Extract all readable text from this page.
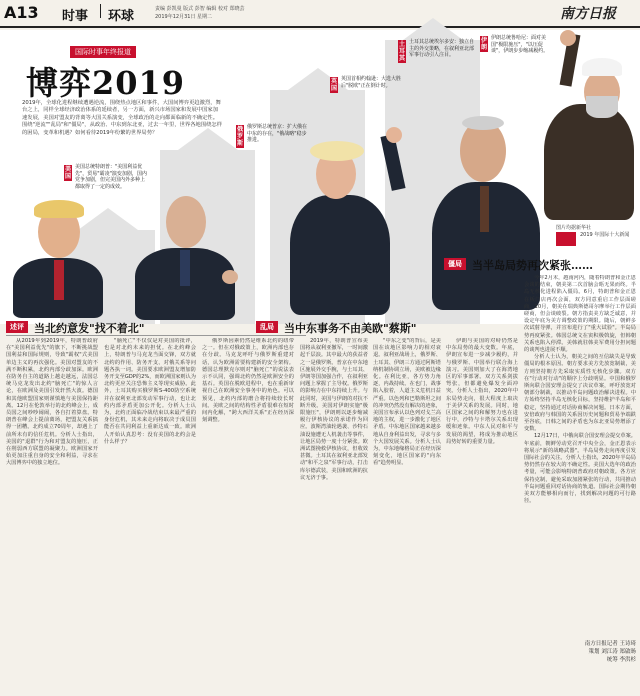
A13 时事 环球	责编 彭凯曼 版式 彭智 编辑 校对 郑晓芸
2019年12月31日 星期二	南方日报
国际时事年终报道
博弈2019
2019年，全球化进程继续遭遇逆流，围绕热点地区和事件，大国间博弈更趋激烈，舞台之上，同样全球经济政治体系的延续者，另一方面，新兴市场国家和发展中国家加速发展，美国对盟友的背离等大国关系演变，全球政治的走向都面临新的不确定性。围绕"逆流""乱局"和"僵局"，从政治、中东到东北亚，过去一年里，世界各地围绕怎样的困局，变革和机遇？如何看待2019年纷繁的世界局势？
美国
美国总统特朗普："美国利益优先"，贸易"霸凌"演变加剧，国内党争加剧，但完美国内外多种上都取得了一定的成效。
俄罗斯
俄罗斯总统普京：扩大俄在中东的存在，"俄战略"稳步推进。
英国
英国首相约翰逊：大选大胜后"脱欧"正在倒计时。
土耳其
土耳其总统埃尔多安：独立自主的外交策略，在叙利亚北部军事行动引人注目。
伊朗
伊朗总统鲁哈尼：面对美国"极限施压"，"以压促谈"，伊朗步步缩减履约。
图片均据新华社
2019 年国际十大新闻
僵局 当半岛局势再次紧张……
述评 当北约意发"找不着北"

从2019年到2019年，特朗普政府在"美国利益优先"的旗下，不断挑战盟国利益和国际规则，导致"霸权"式美国单边主义的再次强化。美国对盟友的不满不断积累，北约内部分歧加深。欧洲在防务自主的道路上越走越远，法国总统马克龙发出北约"脑死亡"的惊人言论，在欧洲及美国引发轩然大波。德国和其他欧盟国家则谨慎地与美国保持距离。12月在伦敦举行的北约峰会上，成员国之间吵吵闹闹，各自打着算盘。特朗普在峰会上提前离场，把盟友关系搞得一团糟。北约成立70周年，却遇上了前所未有的信任危机。分析人士指出，美国的"退群"行为和对盟友的施压，正在削弱西方联盟的凝聚力。欧洲国家开始更加注重自身的安全和利益，寻求在大国博弈中的独立地位。

"脑死亡"不仅仅是对美国的批评，也是对北约未来的担忧。在北约峰会上，特朗普与马克龙当面交锋，双方就北约的作用、防务开支、对俄关系等问题各执一词。美国要求欧洲盟友增加防务开支至GDP的2%，而欧洲国家则认为北约更应关注恐怖主义等现实威胁。此外，土耳其购买俄罗斯S-400防空系统并在叙利亚北部发动军事行动，也让北约内部矛盾更加公开化。分析人士认为，北约正面临冷战结束以来最严重的身份危机，其未来走向将取决于成员国能否在共同利益上重新达成一致。欧洲人开始认真思考：没有美国的北约会是什么样子？

俄罗斯因素仍然是维系北约的纽带之一。但在对俄政策上，欧洲内部也存在分歧。马克龙呼吁与俄罗斯重建对话，认为欧洲需要构建新的安全架构。德国总理默克尔则对"脑死亡"的说法表示不认同，强调北约仍然是欧洲安全的基石。英国在脱欧进程中，也在重新审视自己在欧洲安全事务中的角色。可以预见，北约内部的磨合将持续较长时间。美欧之间的结构性矛盾很难在短时间内化解，"跨大西洋关系"正在经历深刻调整。

乱局 当中东事务不由美欧"蔡斯"

2019年，特朗普宣布美国将从叙利亚撤军，一时间激起千层浪。其中最大的获益者之一是俄罗斯。普京在中东地区施展外交手腕，与土耳其、伊朗等国加强合作，在叙利亚问题上掌握了主导权。俄罗斯的影响力在中东持续上升。与此同时，美国与伊朗的对抗不断升级。美国对伊朗实施"极限施压"，伊朗则以逐步缩减履行伊核协议的承诺作为回应。波斯湾油轮遇袭、沙特石油设施遭无人机袭击等事件，让地区局势一度十分紧张。欧洲试图挽救伊核协议，但收效甚微。土耳其在叙利亚北部发动"和平之泉"军事行动，打击库尔德武装，美国和欧洲的抗议无济于事。

"中东之变"的背后，是美国在该地区影响力的相对衰退。叙利亚战场上，俄罗斯、土耳其、伊朗三方通过阿斯塔纳机制协调立场，美欧被边缘化。在利比亚，各方势力角逐，内战持续。在也门，战事陷入胶着，人道主义危机日益严重。以色列和巴勒斯坦之间的冲突仍然没有解决的迹象，美国宣布承认以色列对戈兰高地的主权，进一步激化了地区矛盾。中东地区国家越来越多地从自身利益出发，寻求与多个大国发展关系。分析人士认为，中东地缘格局正在经历深刻变化，地区国家的"向东看"趋势明显。

伊朗与美国的对峙仍然是中东局势的最大变数。年底，伊朗宣布进一步减少履约，并与俄罗斯、中国举行联合海上演习。美国则加大了在海湾地区的军事部署。双方关系剑拔弩张，但都避免爆发全面冲突。分析人士指出，2020年中东局势走向，很大程度上取决于美伊关系的发展。同时，地区国家之间的和解努力也在进行中，沙特与卡塔尔关系出现缓和迹象。中东人民对和平与发展的渴望，将成为推动地区局势好转的重要力量。

今年2月末，越南河内，随着特朗普和金正恩会谈的结束，朝美第二次首脑会晤无果而终。半岛无核化进程陷入僵局。6月，特朗普和金正恩在板门店再次会面，双方同意重启工作层面磋商。10月，朝美在瑞典斯德哥尔摩举行工作层面磋商，但会谈破裂。朝方指责美方缺乏诚意，并设定年底为美方调整政策的期限。随后，朝鲜多次试射导弹，并宣布进行了"重大试验"。半岛局势再度紧张。韩国总统文在寅积极斡旋，但韩朝关系也陷入停滞。美韩就驻韩美军费用分担问题的谈判也进展不顺。

分析人士认为，朝美之间的互信缺失是导致僵局的根本原因。朝方要求美方先放宽制裁，美方则坚持朝方先采取实质性无核化步骤。双方在"行动对行动"的顺序上分歧明显。中国和俄罗斯向联合国安理会提交了决议草案，呼吁放宽对朝部分制裁，以推动半岛问题政治解决进程。中方始终坚持半岛无核化目标，坚持维护半岛和平稳定，坚持通过对话协商解决问题。日本方面，安倍政府与韩国的关系因历史问题和贸易争端跌至谷底，日韩之间的矛盾也为东北亚局势增添了变数。

12月17日，中俄向联合国安理会提交草案。年底前，朝鲜劳动党召开中央全会，金正恩表示将展示"新的战略武器"。半岛局势走向再度引发国际社会的关注。分析人士指出，2020年半岛局势仍然存在较大的不确定性。美国大选年的政治考量，可能会影响特朗普政府对朝政策。各方应保持克制，避免采取加剧紧张的行动，共同推动半岛问题重回对话协商的轨道。国际社会期待朝美双方能够相向而行，找到解决问题的可行路径。

南方日报记者 王诗琦
策划 刘江涛 郑啟旸
统筹 李洪杉
